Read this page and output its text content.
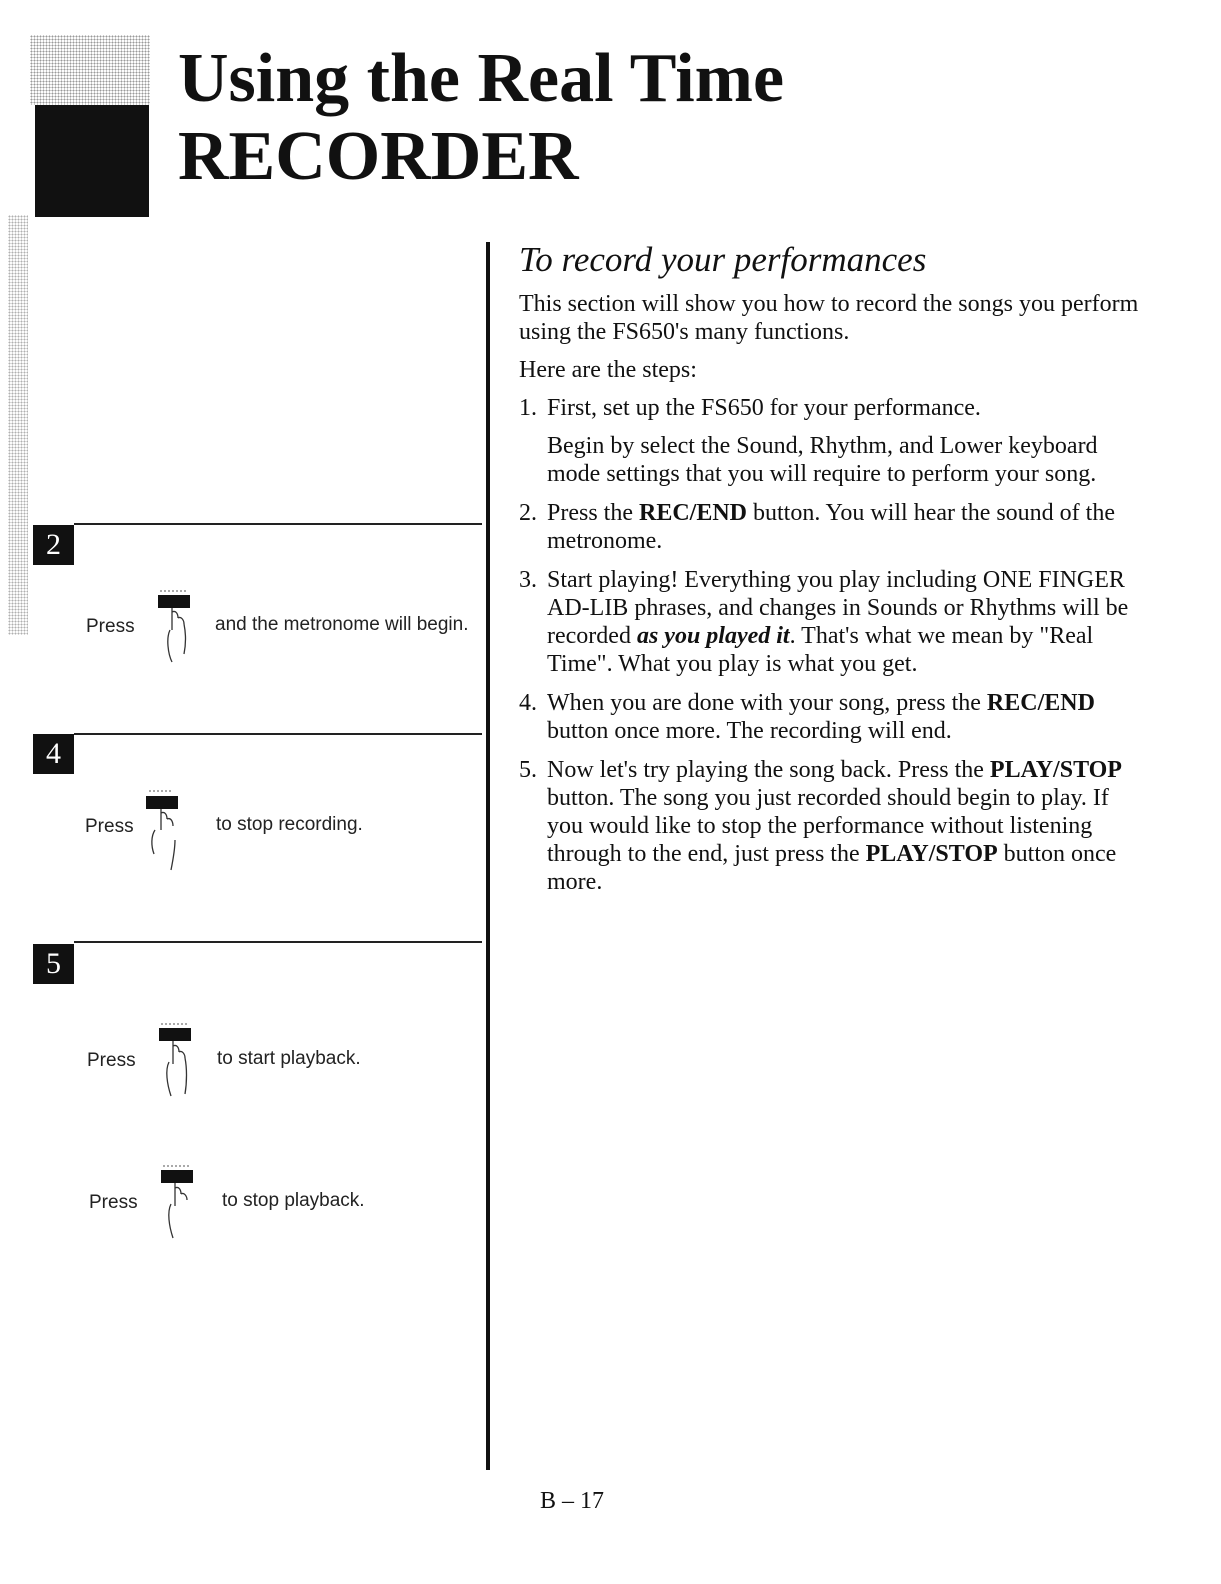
Using the Real Time
RECORDER
2
Press	and the metronome will begin.
4
Press	to stop recording.
5
Press	to start playback.
Press	to stop playback.
To record your performances

This section will show you how to record the songs you perform using the FS650's many functions.

Here are the steps:

1. First, set up the FS650 for your performance.
Begin by select the Sound, Rhythm, and Lower keyboard mode settings that you will require to perform your song.
2. Press the REC/END button. You will hear the sound of the metronome.
3. Start playing! Everything you play including ONE FINGER AD-LIB phrases, and changes in Sounds or Rhythms will be recorded as you played it. That's what we mean by "Real Time". What you play is what you get.
4. When you are done with your song, press the REC/END button once more. The recording will end.
5. Now let's try playing the song back. Press the PLAY/STOP button. The song you just recorded should begin to play. If you would like to stop the performance without listening through to the end, just press the PLAY/STOP button once more.
B – 17
